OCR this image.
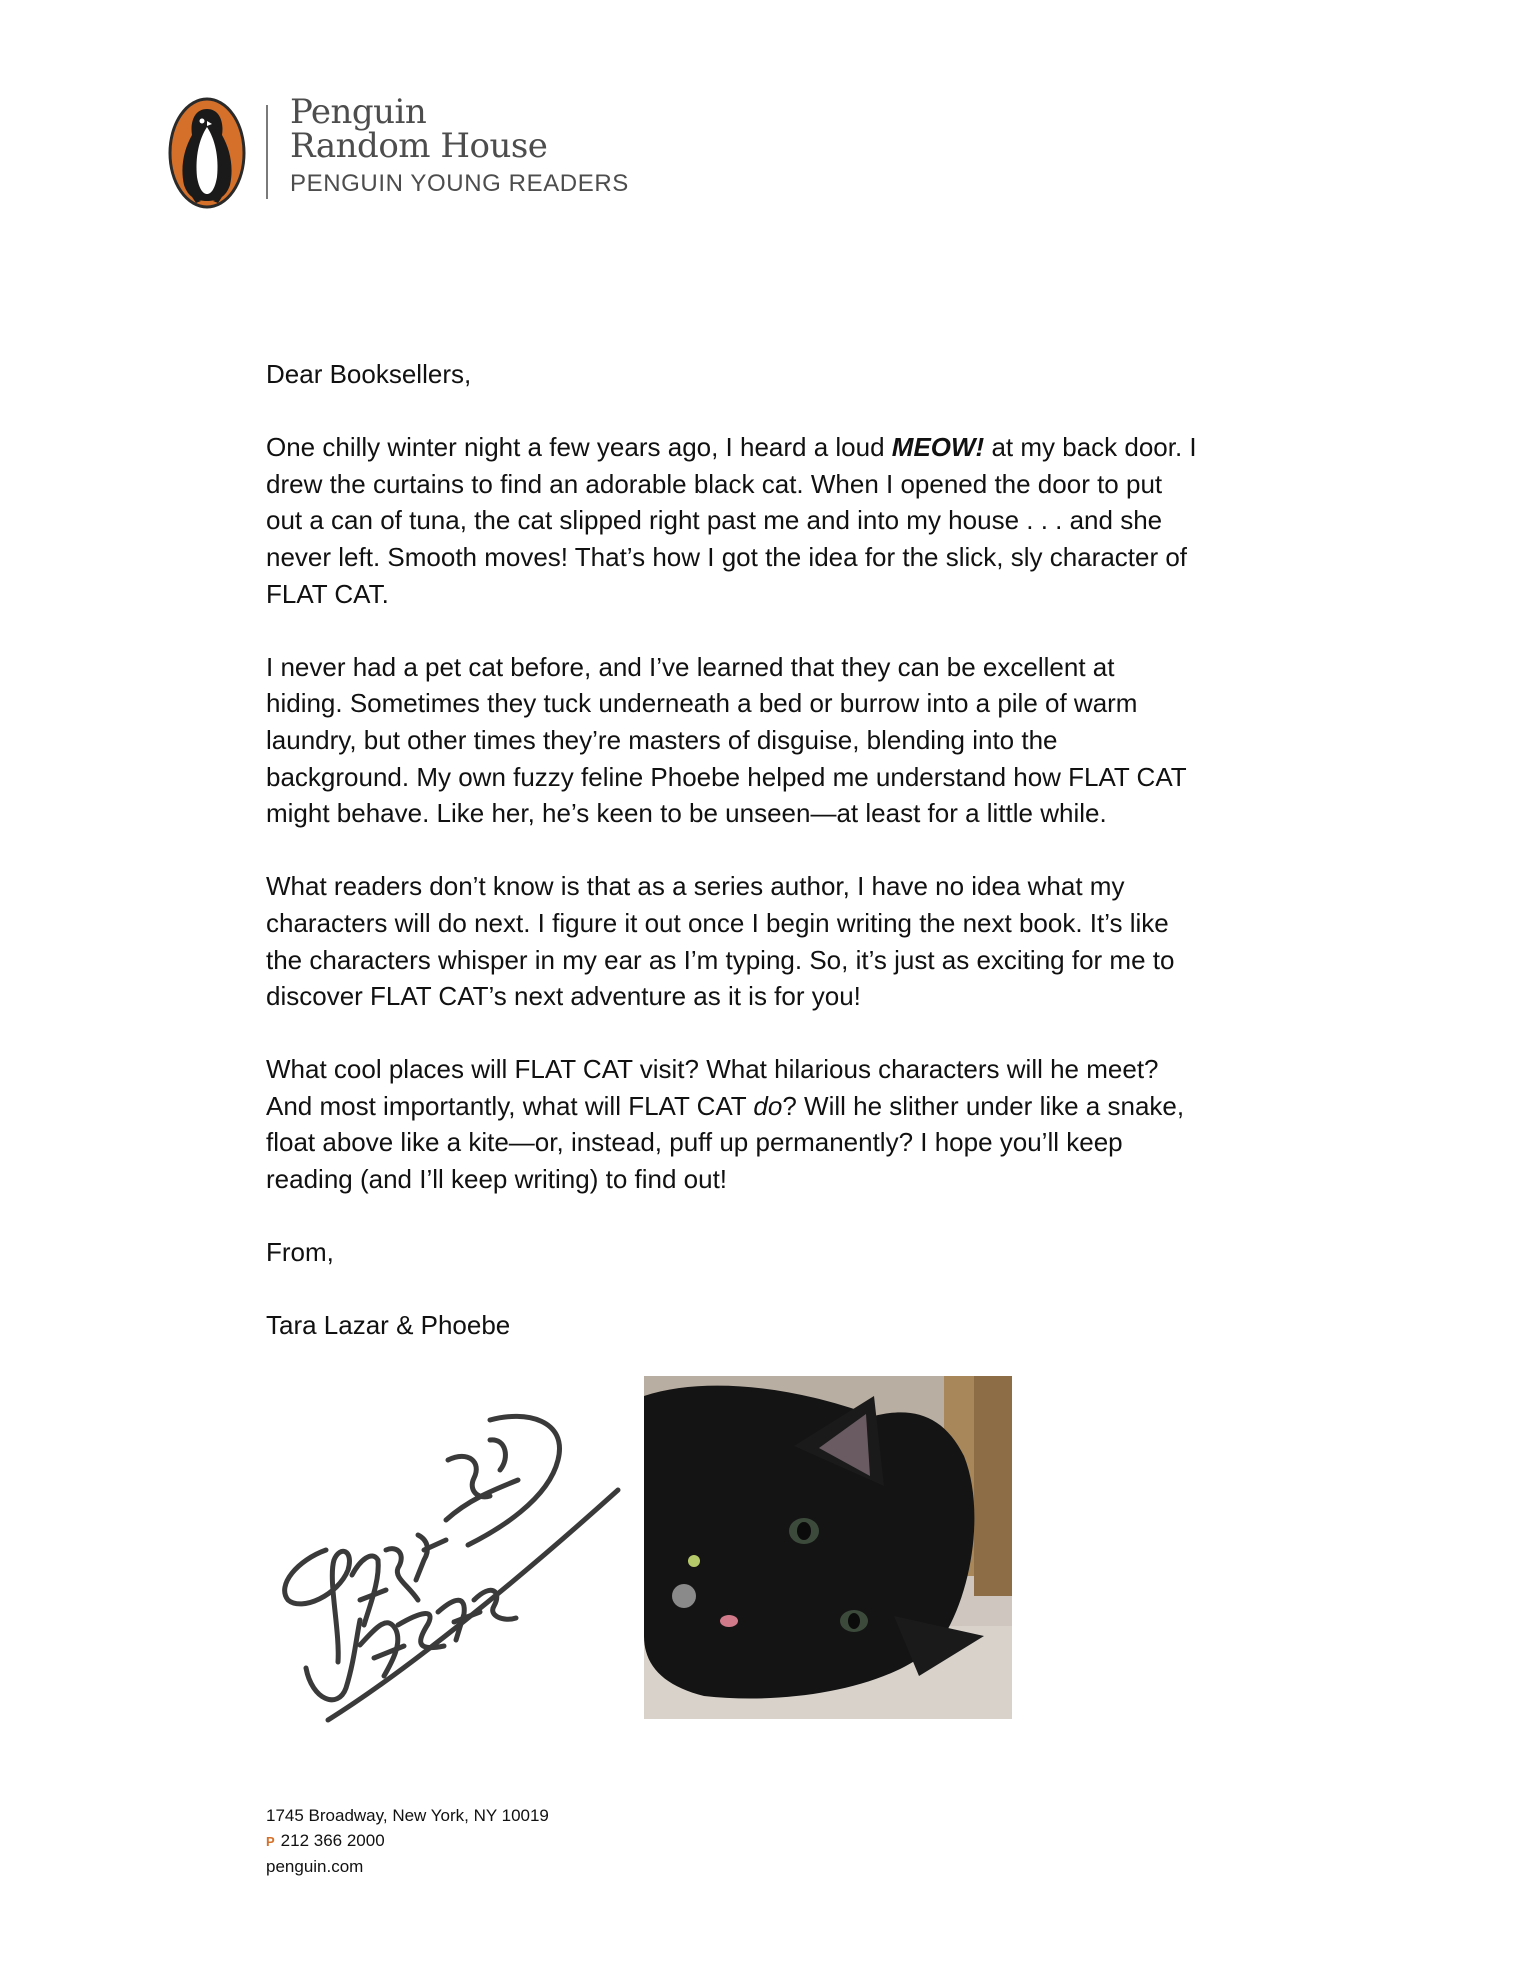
Penguin
Random House
PENGUIN YOUNG READERS

Dear Booksellers,

One chilly winter night a few years ago, I heard a loud MEOW! at my back door. I
drew the curtains to find an adorable black cat. When I opened the door to put
out a can of tuna, the cat slipped right past me and into my house . . . and she
never left. Smooth moves! That’s how I got the idea for the slick, sly character of
FLAT CAT.

I never had a pet cat before, and I’ve learned that they can be excellent at
hiding. Sometimes they tuck underneath a bed or burrow into a pile of warm
laundry, but other times they’re masters of disguise, blending into the
background. My own fuzzy feline Phoebe helped me understand how FLAT CAT
might behave. Like her, he’s keen to be unseen—at least for a little while.

What readers don’t know is that as a series author, I have no idea what my
characters will do next. I figure it out once I begin writing the next book. It’s like
the characters whisper in my ear as I’m typing. So, it’s just as exciting for me to
discover FLAT CAT’s next adventure as it is for you!

What cool places will FLAT CAT visit? What hilarious characters will he meet?
And most importantly, what will FLAT CAT do? Will he slither under like a snake,
float above like a kite—or, instead, puff up permanently? I hope you’ll keep
reading (and I’ll keep writing) to find out!

From,

Tara Lazar & Phoebe

1745 Broadway, New York, NY 10019
P 212 366 2000
penguin.com
